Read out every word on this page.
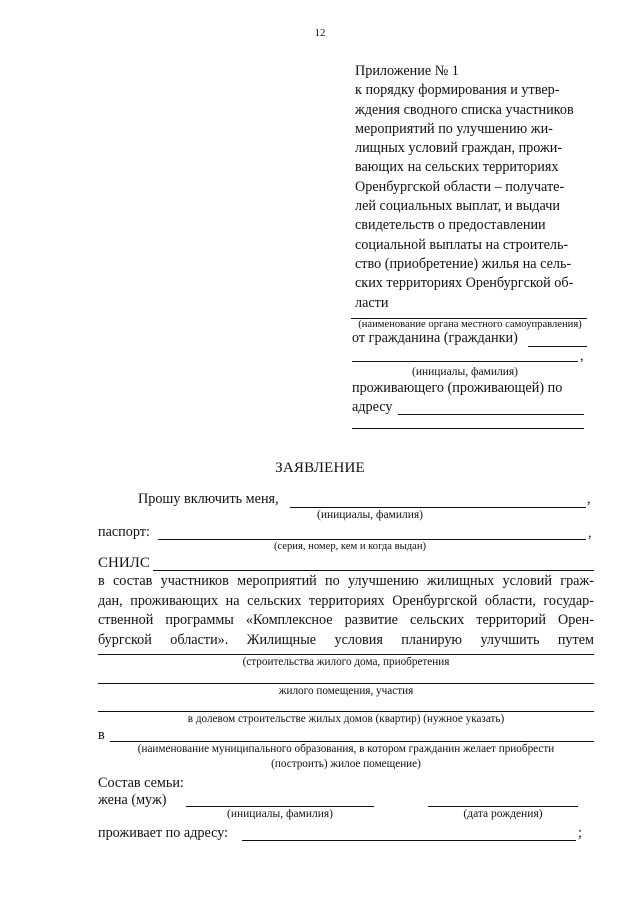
12
Приложение № 1
к порядку формирования и утвер-
ждения сводного списка участников
мероприятий по улучшению жи-
лищных условий граждан, прожи-
вающих на сельских территориях
Оренбургской области – получате-
лей социальных выплат, и выдачи
свидетельств о предоставлении
социальной выплаты на строитель-
ство (приобретение) жилья на сель-
ских территориях Оренбургской об-
ласти
(наименование органа местного самоуправления)
от гражданина (гражданки)
,
(инициалы, фамилия)
проживающего (проживающей) по
адресу
ЗАЯВЛЕНИЕ
Прошу включить меня,	,
(инициалы, фамилия)
паспорт:	,
(серия, номер, кем и когда выдан)
СНИЛС
в состав участников мероприятий по улучшению жилищных условий граж-
дан, проживающих на сельских территориях Оренбургской области, государ-
ственной программы «Комплексное развитие сельских территорий Орен-
бургской области». Жилищные условия планирую улучшить путем
(строительства жилого дома, приобретения
жилого помещения, участия
в долевом строительстве жилых домов (квартир) (нужное указать)
в
(наименование муниципального образования, в котором гражданин желает приобрести
(построить) жилое помещение)
Состав семьи:
жена (муж)
(инициалы, фамилия)	(дата рождения)
проживает по адресу:	;
